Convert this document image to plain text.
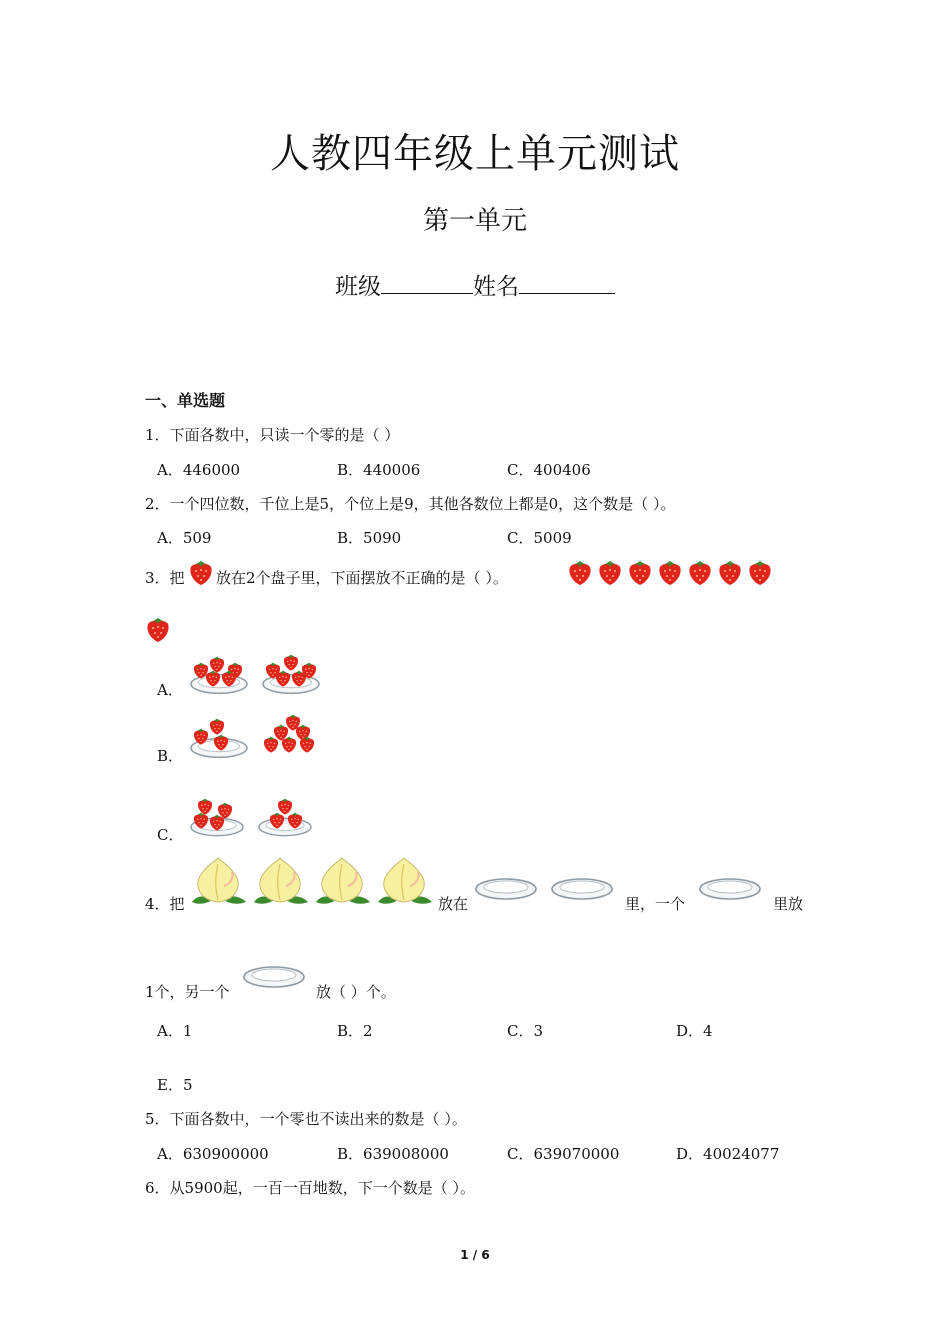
人教四年级上单元测试
第一单元
班级	姓名
一、单选题
1．下面各数中，只读一个零的是（ ）
A．446000	B．440006	C．400406
2．一个四位数，千位上是5，个位上是9，其他各数位上都是0，这个数是（ ）。
A．509	B．5090	C．5009
3．把 放在2个盘子里，下面摆放不正确的是（ ）。
A．
B．
C．
4．把	放在	里，一个	里放
1个，另一个	放（ ）个。
A．1	B．2	C．3	D．4
E．5
5．下面各数中，一个零也不读出来的数是（ ）。
A．630900000	B．639008000	C．639070000	D．40024077
6．从5900起，一百一百地数，下一个数是（ ）。
1 / 6
